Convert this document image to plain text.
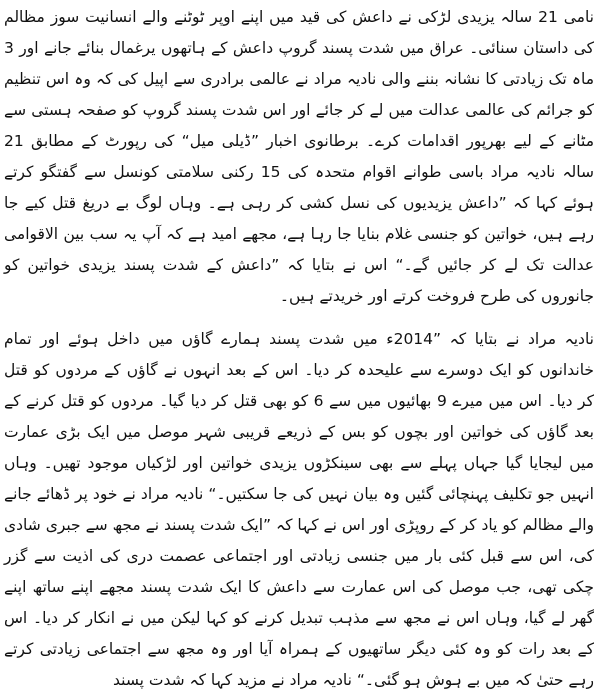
نامی 21 سالہ یزیدی لڑکی نے داعش کی قید میں اپنے اوپر ٹوٹنے والے انسانیت سوز مظالم کی داستان سنائی۔ عراق میں شدت پسند گروپ داعش کے ہاتھوں یرغمال بنائے جانے اور 3 ماہ تک زیادتی کا نشانہ بننے والی نادیہ مراد نے عالمی برادری سے اپیل کی کہ وہ اس تنظیم کو جرائم کی عالمی عدالت میں لے کر جائے اور اس شدت پسند گروپ کو صفحہ ہستی سے مٹانے کے لیے بھرپور اقدامات کرے۔ برطانوی اخبار ”ڈیلی میل“ کی رپورٹ کے مطابق 21 سالہ نادیہ مراد باسی طوانے اقوام متحدہ کی 15 رکنی سلامتی کونسل سے گفتگو کرتے ہوئے کہا کہ ”داعش یزیدیوں کی نسل کشی کر رہی ہے۔ وہاں لوگ بے دریغ قتل کیے جا رہے ہیں، خواتین کو جنسی غلام بنایا جا رہا ہے، مجھے امید ہے کہ آپ یہ سب بین الاقوامی عدالت تک لے کر جائیں گے۔“ اس نے بتایا کہ ”داعش کے شدت پسند یزیدی خواتین کو جانوروں کی طرح فروخت کرتے اور خریدتے ہیں۔

نادیہ مراد نے بتایا کہ ”2014ء میں شدت پسند ہمارے گاؤں میں داخل ہوئے اور تمام خاندانوں کو ایک دوسرے سے علیحدہ کر دیا۔ اس کے بعد انہوں نے گاؤں کے مردوں کو قتل کر دیا۔ اس میں میرے 9 بھائیوں میں سے 6 کو بھی قتل کر دیا گیا۔ مردوں کو قتل کرنے کے بعد گاؤں کی خواتین اور بچوں کو بس کے ذریعے قریبی شہر موصل میں ایک بڑی عمارت میں لیجایا گیا جہاں پہلے سے بھی سینکڑوں یزیدی خواتین اور لڑکیاں موجود تھیں۔ وہاں انہیں جو تکلیف پہنچائی گئیں وہ بیان نہیں کی جا سکتیں۔“ نادیہ مراد نے خود پر ڈھائے جانے والے مظالم کو یاد کر کے روپڑی اور اس نے کہا کہ ”ایک شدت پسند نے مجھ سے جبری شادی کی، اس سے قبل کئی بار میں جنسی زیادتی اور اجتماعی عصمت دری کی اذیت سے گزر چکی تھی، جب موصل کی اس عمارت سے داعش کا ایک شدت پسند مجھے اپنے ساتھ اپنے گھر لے گیا، وہاں اس نے مجھ سے مذہب تبدیل کرنے کو کہا لیکن میں نے انکار کر دیا۔ اس کے بعد رات کو وہ کئی دیگر ساتھیوں کے ہمراہ آیا اور وہ مجھ سے اجتماعی زیادتی کرتے رہے حتیٰ کہ میں بے ہوش ہو گئی۔“ نادیہ مراد نے مزید کہا کہ شدت پسند
